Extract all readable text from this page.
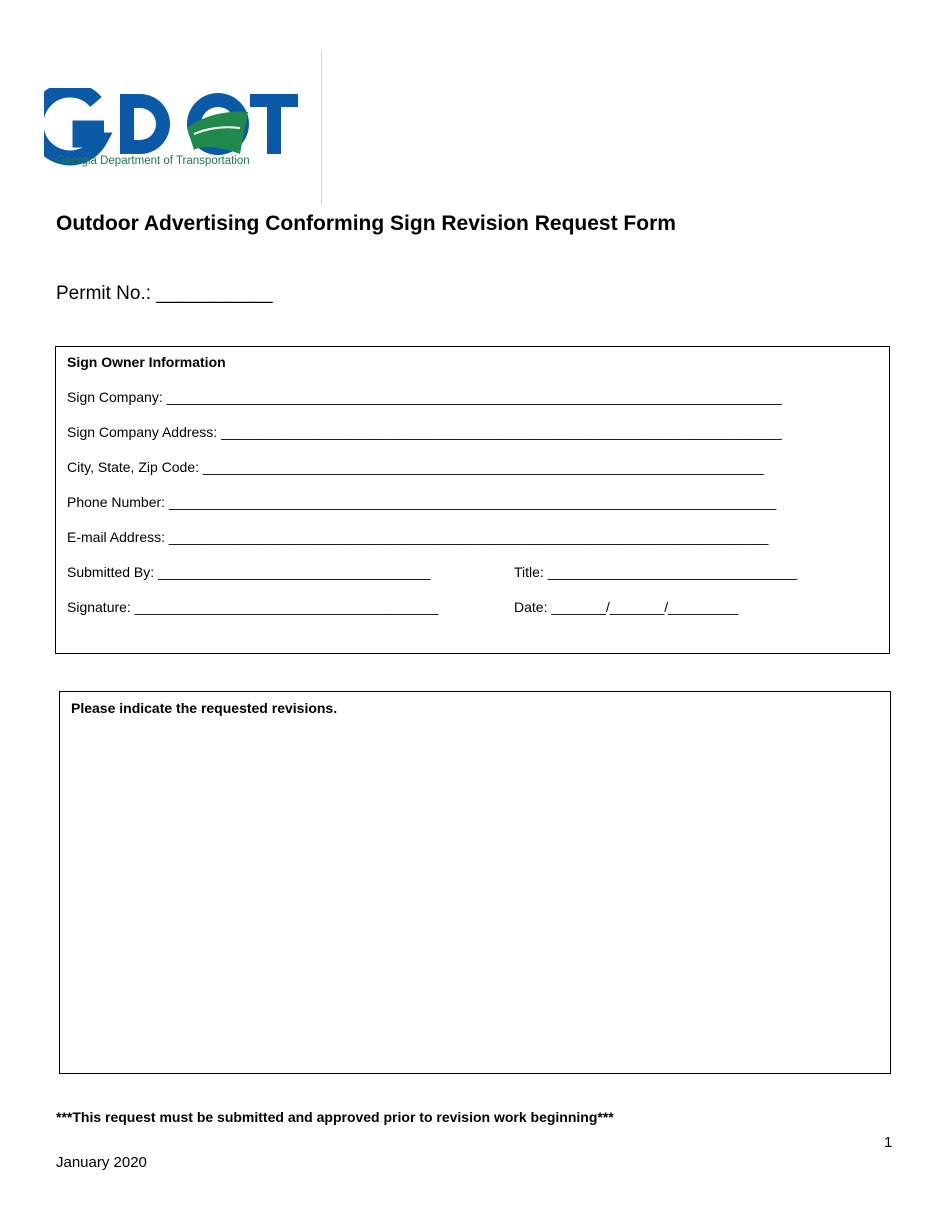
Georgia Department of Transportation
Outdoor Advertising Conforming Sign Revision Request Form
Permit No.: ___________
Sign Owner Information
Sign Company: _______________________________________________________________________________
Sign Company Address: ________________________________________________________________________
City, State, Zip Code: ________________________________________________________________________
Phone Number: ______________________________________________________________________________
E-mail Address: _____________________________________________________________________________
Submitted By: ___________________________________	Title: ________________________________
Signature: _______________________________________	Date: _______/_______/_________
Please indicate the requested revisions.
***This request must be submitted and approved prior to revision work beginning***
1
January 2020
